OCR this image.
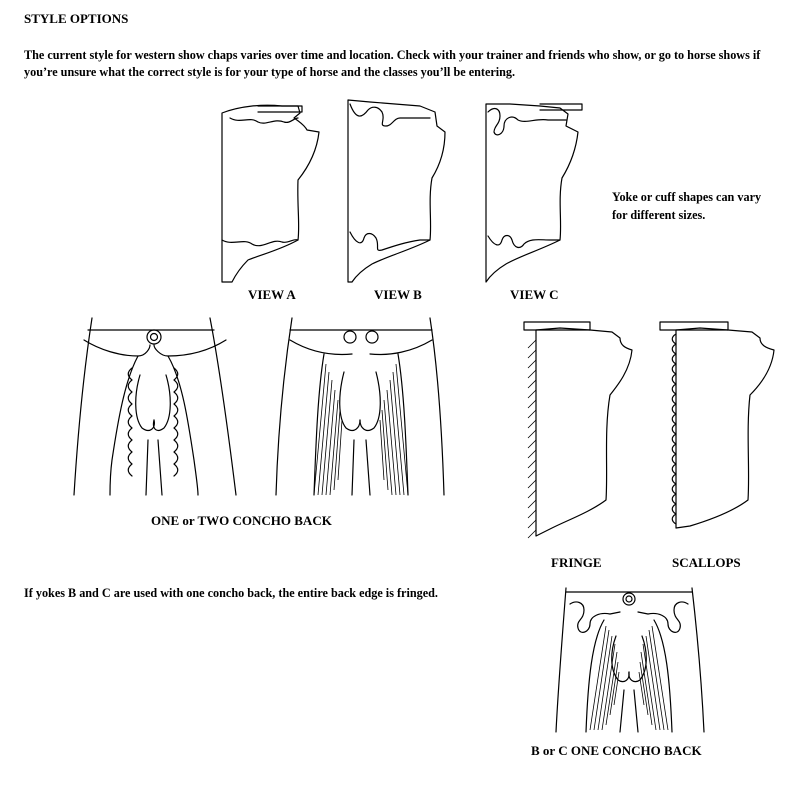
STYLE OPTIONS
The current style for western show chaps varies over time and location. Check with your trainer and friends who show, or go to horse shows if you’re unsure what the correct style is for your type of horse and the classes you’ll be entering.
VIEW A	VIEW B	VIEW C
Yoke or cuff shapes can vary for different sizes.
ONE or TWO CONCHO BACK
FRINGE	SCALLOPS
If yokes B and C are used with one concho back, the entire back edge is fringed.
B or C ONE CONCHO BACK
